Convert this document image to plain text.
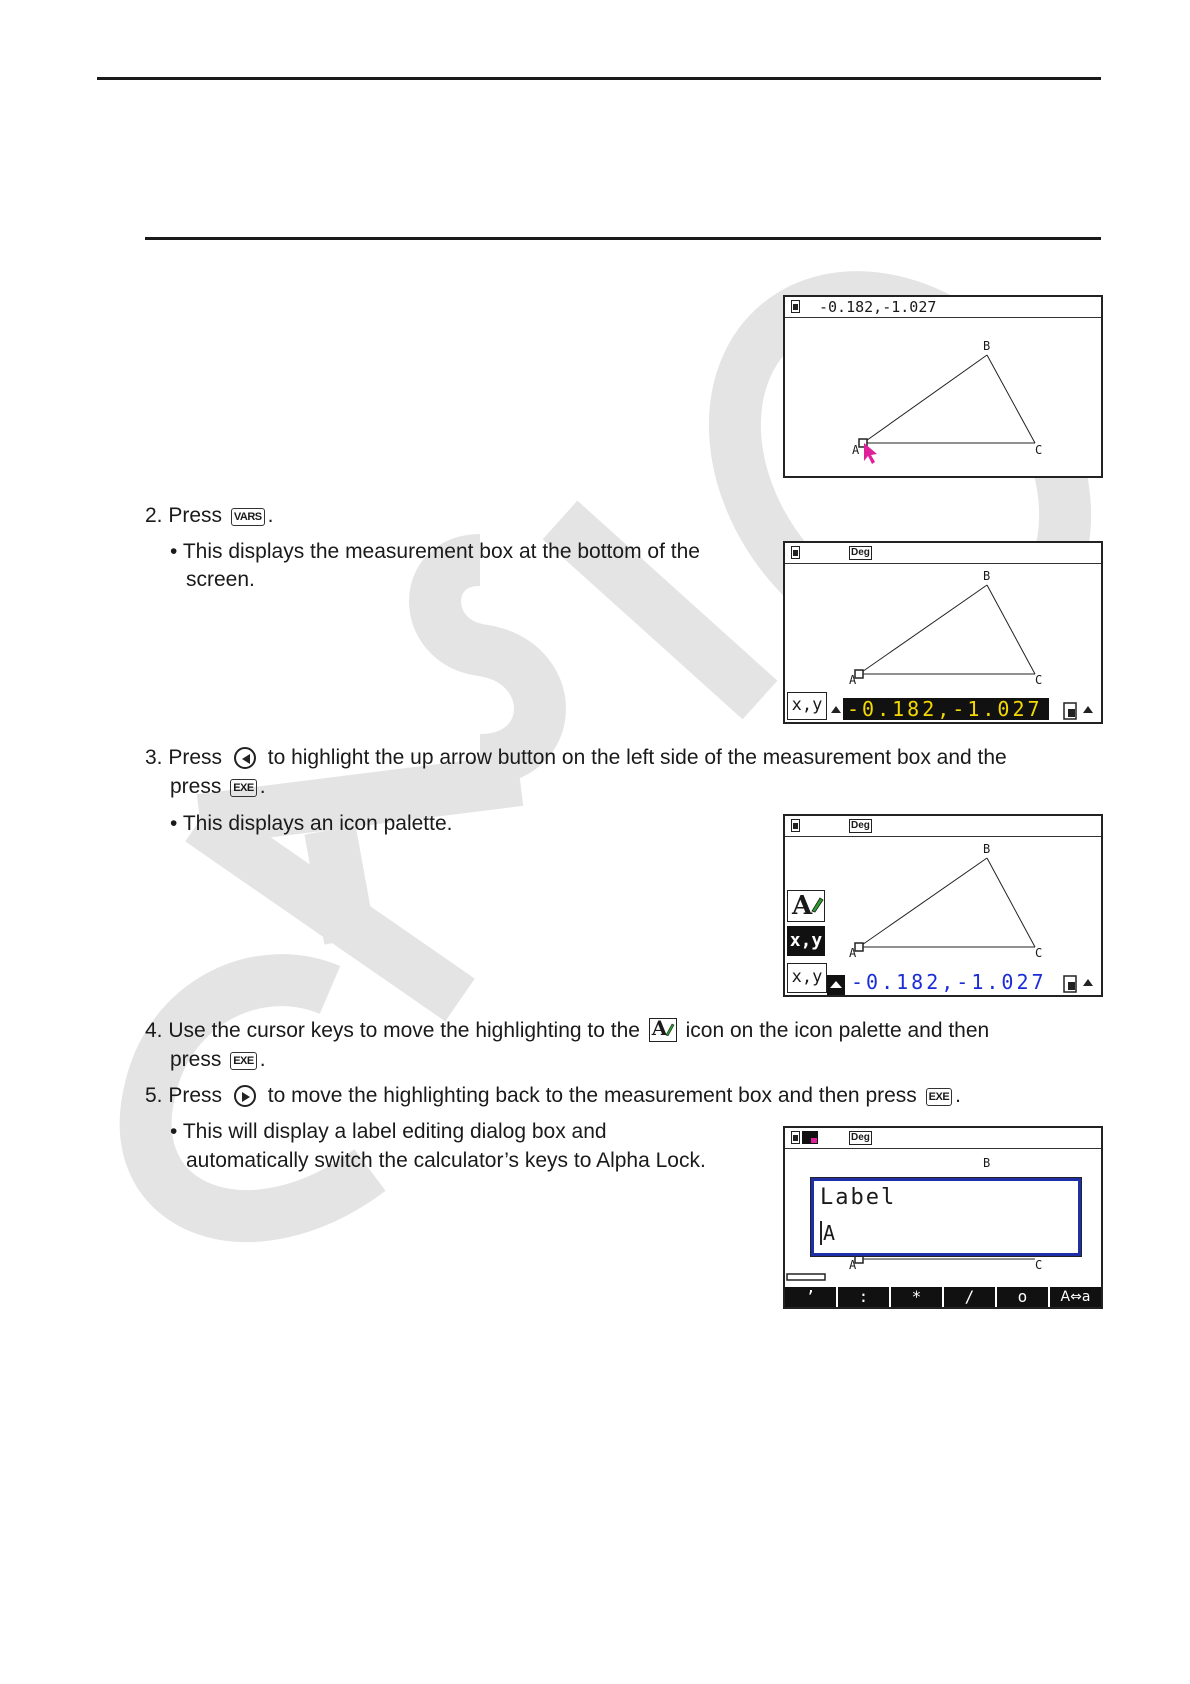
-0.182,-1.027
A
B
C
2. Press VARS .
• This displays the measurement box at the bottom of the
screen.
Deg
A
B
C
x,y -0.182,-1.027
3. Press to highlight the up arrow button on the left side of the measurement box and the
press EXE .
• This displays an icon palette.	Deg
A
B
C
A
x,y
x,y -0.182,-1.027
4. Use the cursor keys to move the highlighting to the A icon on the icon palette and then
press EXE .
5. Press to move the highlighting back to the measurement box and then press EXE .
• This will display a label editing dialog box and
automatically switch the calculator’s keys to Alpha Lock.
Deg
A
B
C
Label
A
’	:	*	/	o	A⇔a
